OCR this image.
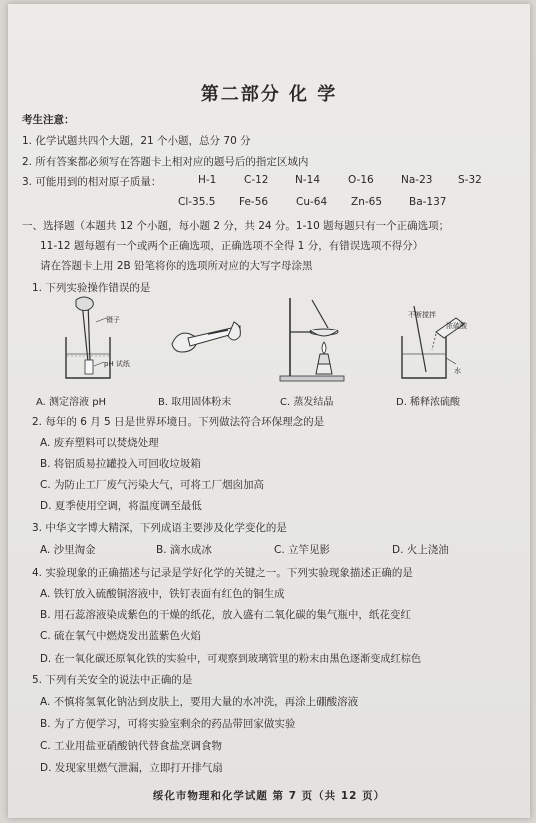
第二部分 化 学
考生注意：
1. 化学试题共四个大题，21 个小题，总分 70 分
2. 所有答案都必须写在答题卡上相对应的题号后的指定区域内
3. 可能用到的相对原子质量：	H-1	C-12	N-14	O-16	Na-23 S-32
Cl-35.5 Fe-56	Cu-64 Zn-65	Ba-137
一、选择题（本题共 12 个小题，每小题 2 分，共 24 分。1-10 题每题只有一个正确选项；
11-12 题每题有一个或两个正确选项，正确选项不全得 1 分，有错误选项不得分）
请在答题卡上用 2B 铅笔将你的选项所对应的大写字母涂黑
1. 下列实验操作错误的是
镊子
pH 试纸
不断搅拌
浓硫酸
水
A. 测定溶液 pH	B. 取用固体粉末	C. 蒸发结晶	D. 稀释浓硫酸
2. 每年的 6 月 5 日是世界环境日。下列做法符合环保理念的是
A. 废弃塑料可以焚烧处理
B. 将铝质易拉罐投入可回收垃圾箱
C. 为防止工厂废气污染大气，可将工厂烟囱加高
D. 夏季使用空调，将温度调至最低
3. 中华文字博大精深，下列成语主要涉及化学变化的是
A. 沙里淘金	B. 滴水成冰	C. 立竿见影	D. 火上浇油
4. 实验现象的正确描述与记录是学好化学的关键之一。下列实验现象描述正确的是
A. 铁钉放入硫酸铜溶液中，铁钉表面有红色的铜生成
B. 用石蕊溶液染成紫色的干燥的纸花，放入盛有二氧化碳的集气瓶中，纸花变红
C. 硫在氧气中燃烧发出蓝紫色火焰
D. 在一氧化碳还原氧化铁的实验中，可观察到玻璃管里的粉末由黑色逐渐变成红棕色
5. 下列有关安全的说法中正确的是
A. 不慎将氢氧化钠沾到皮肤上，要用大量的水冲洗，再涂上硼酸溶液
B. 为了方便学习，可将实验室剩余的药品带回家做实验
C. 工业用盐亚硝酸钠代替食盐烹调食物
D. 发现家里燃气泄漏，立即打开排气扇
绥化市物理和化学试题 第 7 页（共 12 页）
